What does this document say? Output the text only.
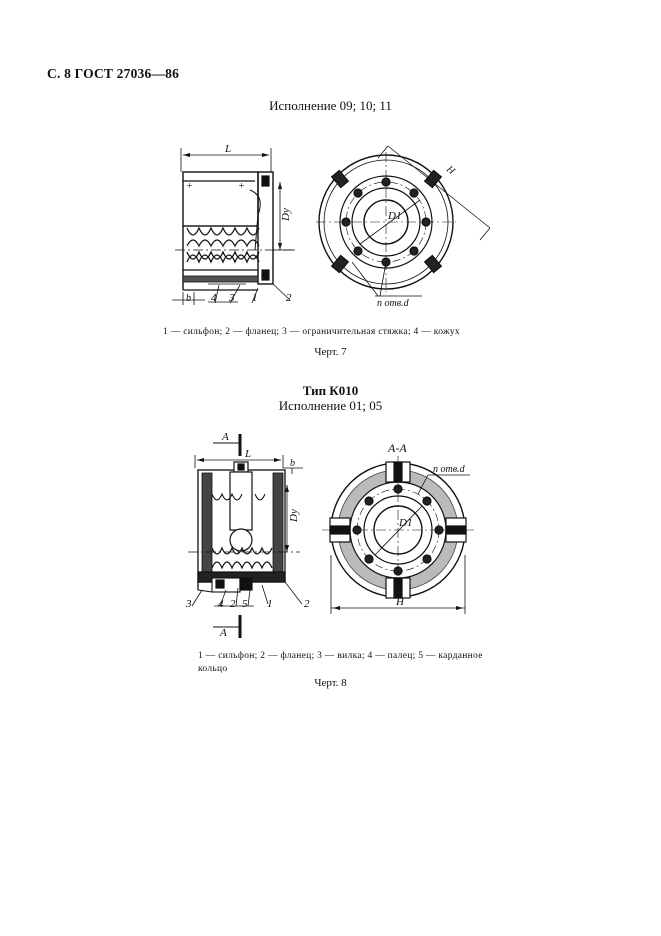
С. 8 ГОСТ 27036—86
Исполнение 09; 10; 11
+	+
L
Dу
H
D1
n отв.d
b 4 3 1	2
A
A
L
b
Dу
A-A
n отв.d
D1
H
3 4 2 5 1	2
1 — сильфон; 2 — фланец; 3 — ограничительная стяжка; 4 — кожух
Черт. 7
Тип К010
Исполнение 01; 05
1 — сильфон; 2 — фланец; 3 — вилка; 4 — палец; 5 — карданное кольцо
Черт. 8
